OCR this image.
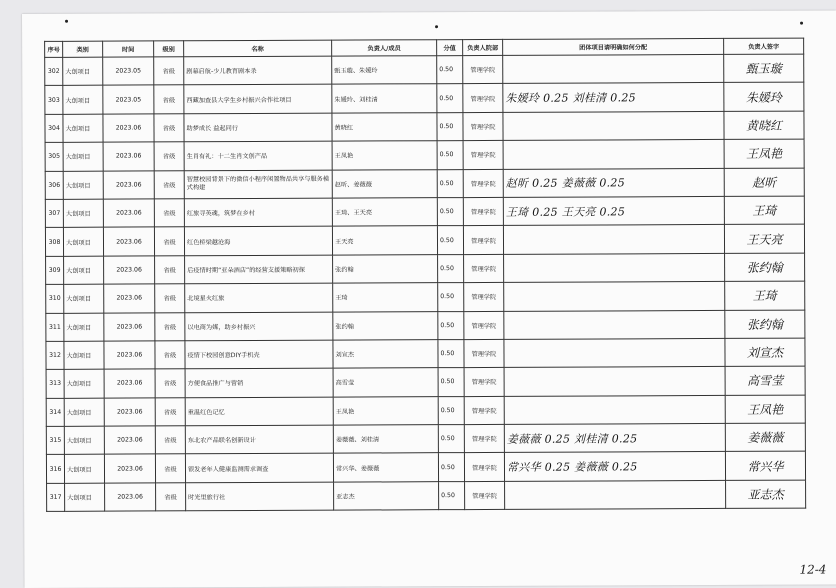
序号	类别	时间	级别	名称	负责人/成员	分值	负责人院部	团体项目请明确如何分配	负责人签字
302	大创项目	2023.05	省级	剧幕启航-少儿教育剧本杀	甄玉璇、朱媛玲	0.50	管理学院		甄玉璇
303	大创项目	2023.05	省级	西藏加查县大学生乡村振兴合作社项目	朱媛玲、刘桂清	0.50	管理学院	朱媛玲 0.25 刘桂清 0.25	朱媛玲
304	大创项目	2023.06	省级	助梦成长 益起同行	黄晓红	0.50	管理学院		黄晓红
305	大创项目	2023.06	省级	生肖有礼：十二生肖文创产品	王凤艳	0.50	管理学院		王凤艳
306	大创项目	2023.06	省级	智慧校园背景下的微信小程序闲置物品共享与服务模式构建	赵昕、姜薇薇	0.50	管理学院	赵昕 0.25 姜薇薇 0.25	赵昕
307	大创项目	2023.06	省级	红旅寻英魂，筑梦在乡村	王琦、王天亮	0.50	管理学院	王琦 0.25 王天亮 0.25	王琦
308	大创项目	2023.06	省级	红色桥梁越沧海	王天亮	0.50	管理学院		王天亮
309	大创项目	2023.06	省级	后疫情时期“亚朵酒店”的经营支援策略初探	张约翰	0.50	管理学院		张约翰
310	大创项目	2023.06	省级	北境星火红旅	王琦	0.50	管理学院		王琦
311	大创项目	2023.06	省级	以电商为媒，助乡村振兴	张约翰	0.50	管理学院		张约翰
312	大创项目	2023.06	省级	疫情下校园创意DIY手机壳	刘宣杰	0.50	管理学院		刘宣杰
313	大创项目	2023.06	省级	方便食品推广与营销	高雪莹	0.50	管理学院		高雪莹
314	大创项目	2023.06	省级	重温红色记忆	王凤艳	0.50	管理学院		王凤艳
315	大创项目	2023.06	省级	东北农产品联名创新设计	姜薇薇、刘桂清	0.50	管理学院	姜薇薇 0.25 刘桂清 0.25	姜薇薇
316	大创项目	2023.06	省级	银发老年人健康监测需求调查	常兴华、姜薇薇	0.50	管理学院	常兴华 0.25 姜薇薇 0.25	常兴华
317	大创项目	2023.06	省级	时光里旅行社	亚志杰	0.50	管理学院		亚志杰
12-4
